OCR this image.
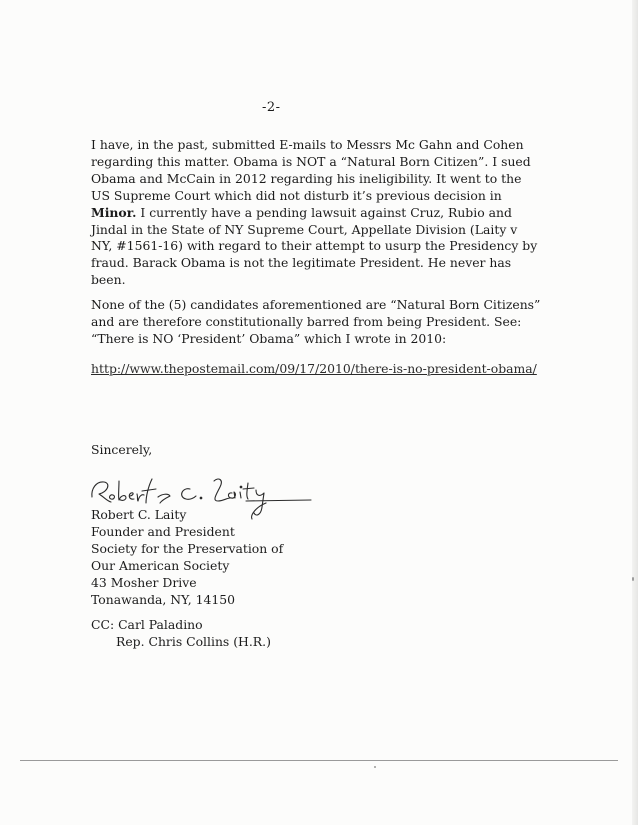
-2-

I have, in the past, submitted E-mails to Messrs Mc Gahn and Cohen
regarding this matter. Obama is NOT a “Natural Born Citizen”. I sued
Obama and McCain in 2012 regarding his ineligibility. It went to the
US Supreme Court which did not disturb it’s previous decision in
Minor. I currently have a pending lawsuit against Cruz, Rubio and
Jindal in the State of NY Supreme Court, Appellate Division (Laity v
NY, #1561-16) with regard to their attempt to usurp the Presidency by
fraud. Barack Obama is not the legitimate President. He never has
been.

None of the (5) candidates aforementioned are “Natural Born Citizens”
and are therefore constitutionally barred from being President. See:
“There is NO ‘President’ Obama” which I wrote in 2010:

http://www.thepostemail.com/09/17/2010/there-is-no-president-obama/
Sincerely,

Robert C. Laity
Founder and President
Society for the Preservation of
Our American Society
43 Mosher Drive
Tonawanda, NY, 14150

CC: Carl Paladino
Rep. Chris Collins (H.R.)
